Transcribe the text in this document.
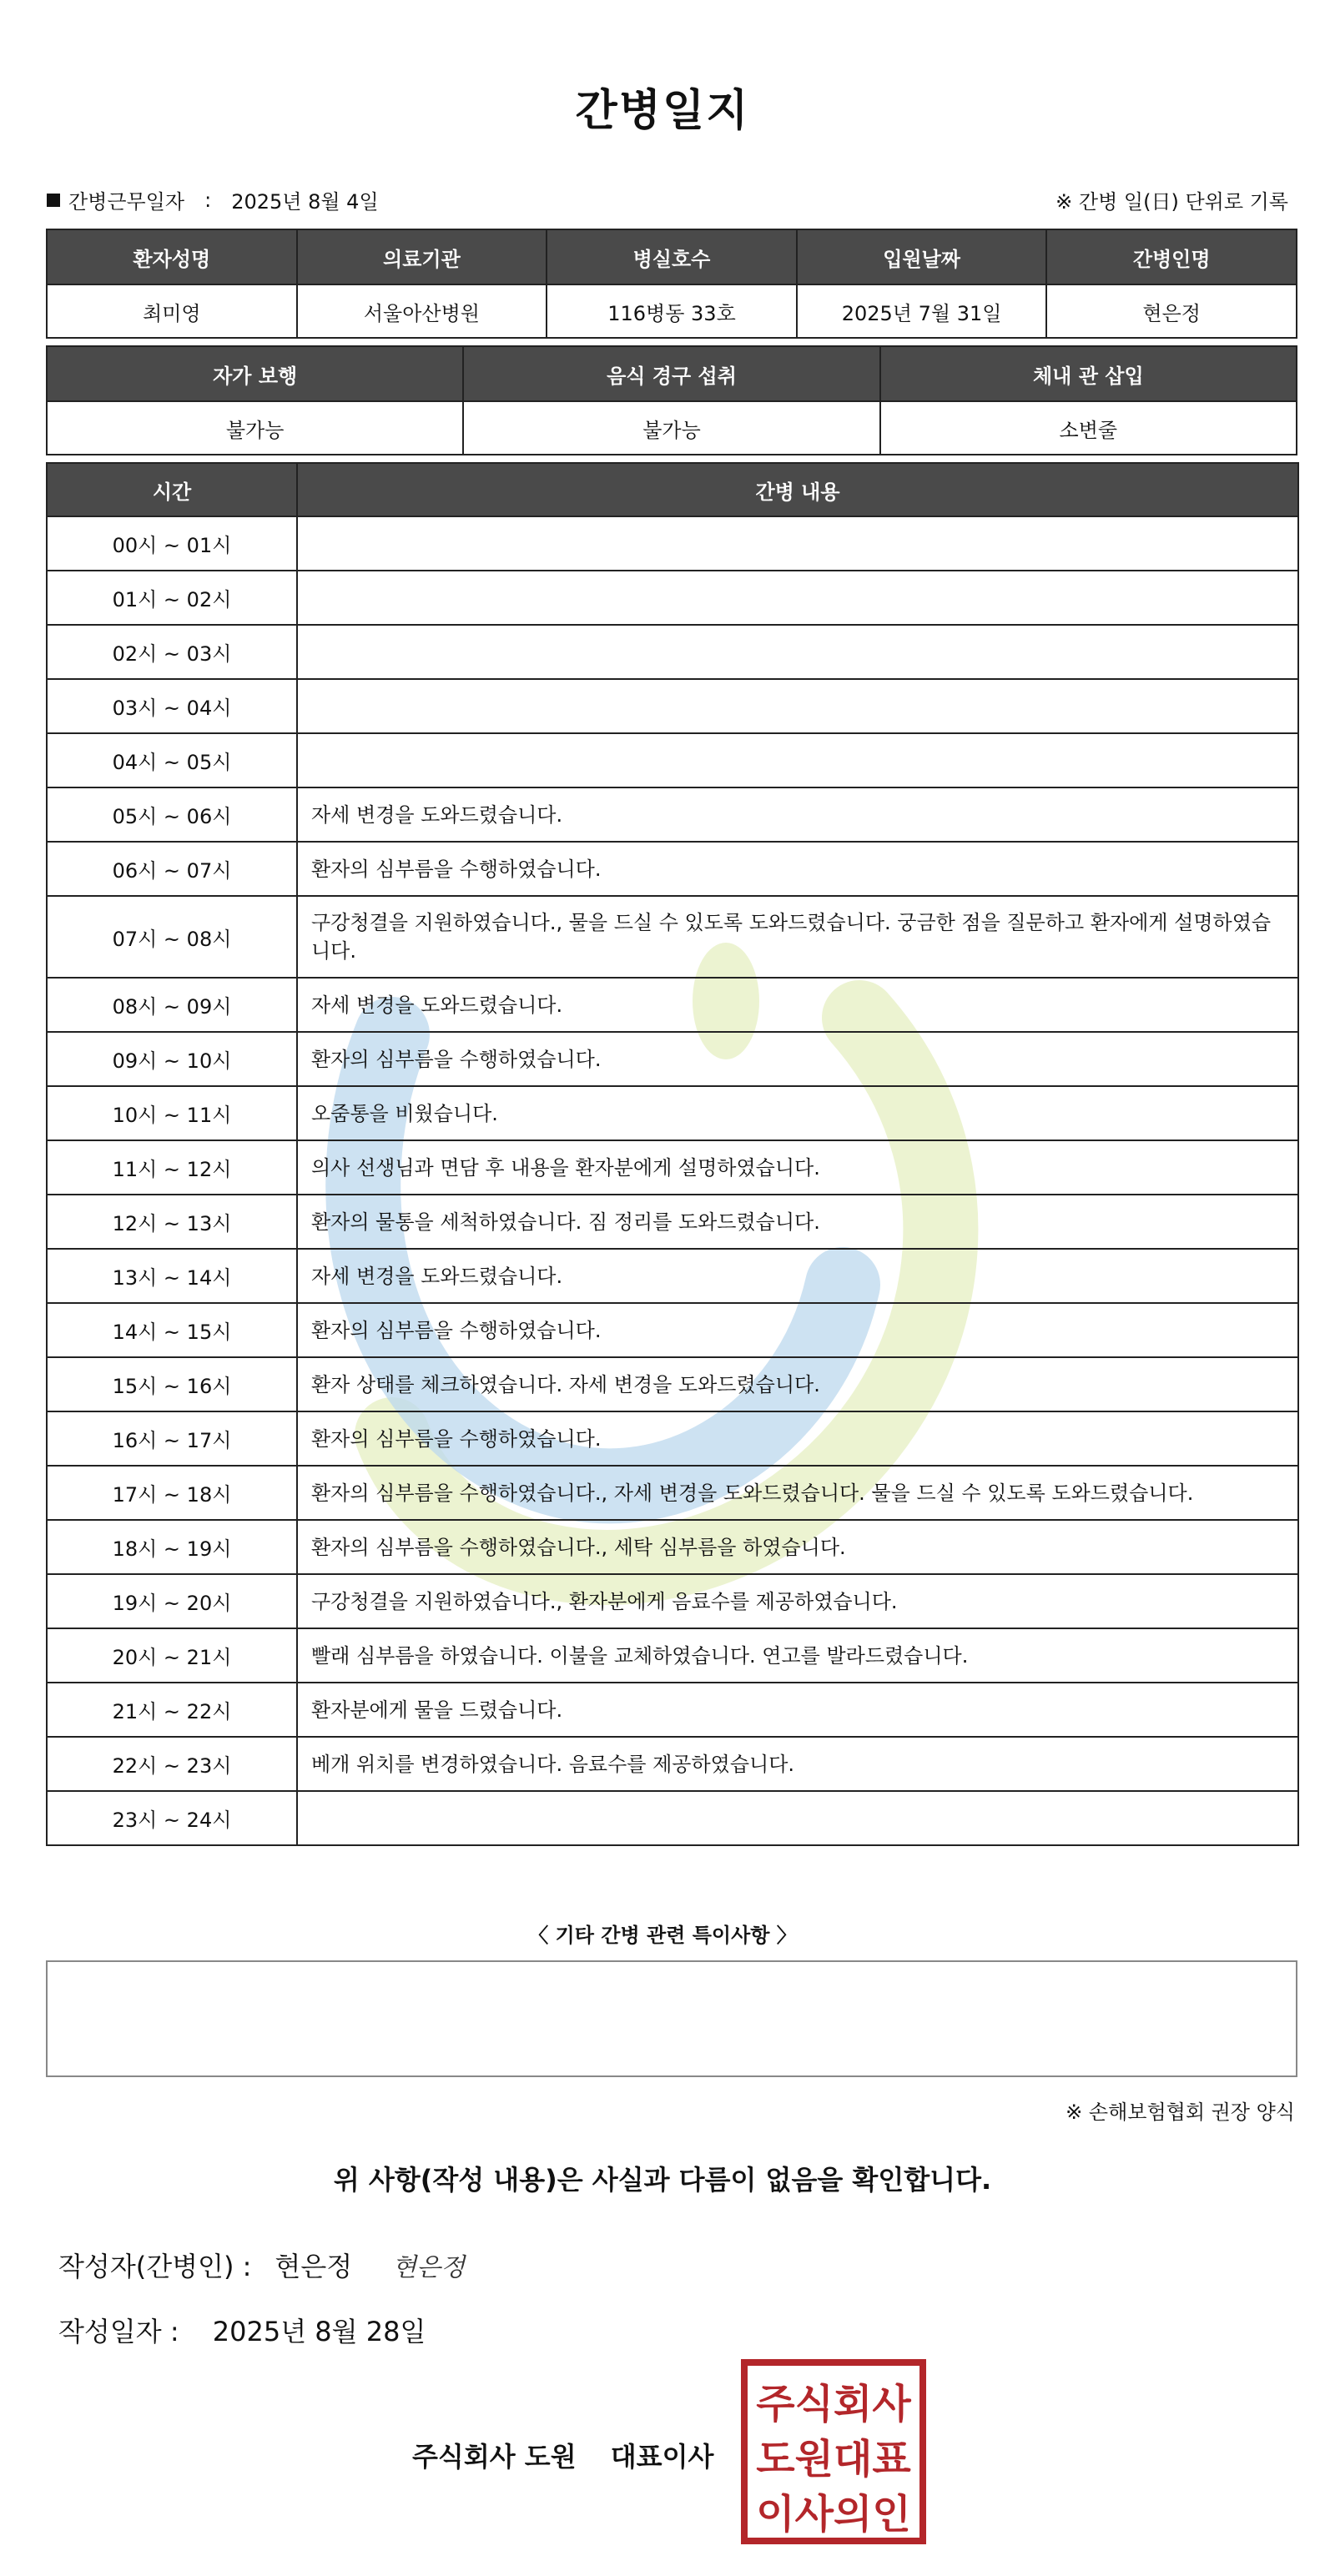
간병일지
간병근무일자 : 2025년 8월 4일	※ 간병 일(日) 단위로 기록
환자성명	의료기관	병실호수	입원날짜	간병인명
최미영	서울아산병원	116병동 33호	2025년 7월 31일	현은정
자가 보행	음식 경구 섭취	체내 관 삽입
불가능	불가능	소변줄
시간	간병 내용
00시 ~ 01시	
01시 ~ 02시	
02시 ~ 03시	
03시 ~ 04시	
04시 ~ 05시	
05시 ~ 06시	자세 변경을 도와드렸습니다.
06시 ~ 07시	환자의 심부름을 수행하였습니다.
07시 ~ 08시	구강청결을 지원하였습니다., 물을 드실 수 있도록 도와드렸습니다. 궁금한 점을 질문하고 환자에게 설명하였습니다.
08시 ~ 09시	자세 변경을 도와드렸습니다.
09시 ~ 10시	환자의 심부름을 수행하였습니다.
10시 ~ 11시	오줌통을 비웠습니다.
11시 ~ 12시	의사 선생님과 면담 후 내용을 환자분에게 설명하였습니다.
12시 ~ 13시	환자의 물통을 세척하였습니다. 짐 정리를 도와드렸습니다.
13시 ~ 14시	자세 변경을 도와드렸습니다.
14시 ~ 15시	환자의 심부름을 수행하였습니다.
15시 ~ 16시	환자 상태를 체크하였습니다. 자세 변경을 도와드렸습니다.
16시 ~ 17시	환자의 심부름을 수행하였습니다.
17시 ~ 18시	환자의 심부름을 수행하였습니다., 자세 변경을 도와드렸습니다. 물을 드실 수 있도록 도와드렸습니다.
18시 ~ 19시	환자의 심부름을 수행하였습니다., 세탁 심부름을 하였습니다.
19시 ~ 20시	구강청결을 지원하였습니다., 환자분에게 음료수를 제공하였습니다.
20시 ~ 21시	빨래 심부름을 하였습니다. 이불을 교체하였습니다. 연고를 발라드렸습니다.
21시 ~ 22시	환자분에게 물을 드렸습니다.
22시 ~ 23시	베개 위치를 변경하였습니다. 음료수를 제공하였습니다.
23시 ~ 24시	
〈 기타 간병 관련 특이사항 〉
※ 손해보험협회 권장 양식
위 사항(작성 내용)은 사실과 다름이 없음을 확인합니다.
작성자(간병인) : 현은정 현은정
작성일자 : 2025년 8월 28일
주식회사 도원 대표이사
주식회사
도원대표
이사의인
